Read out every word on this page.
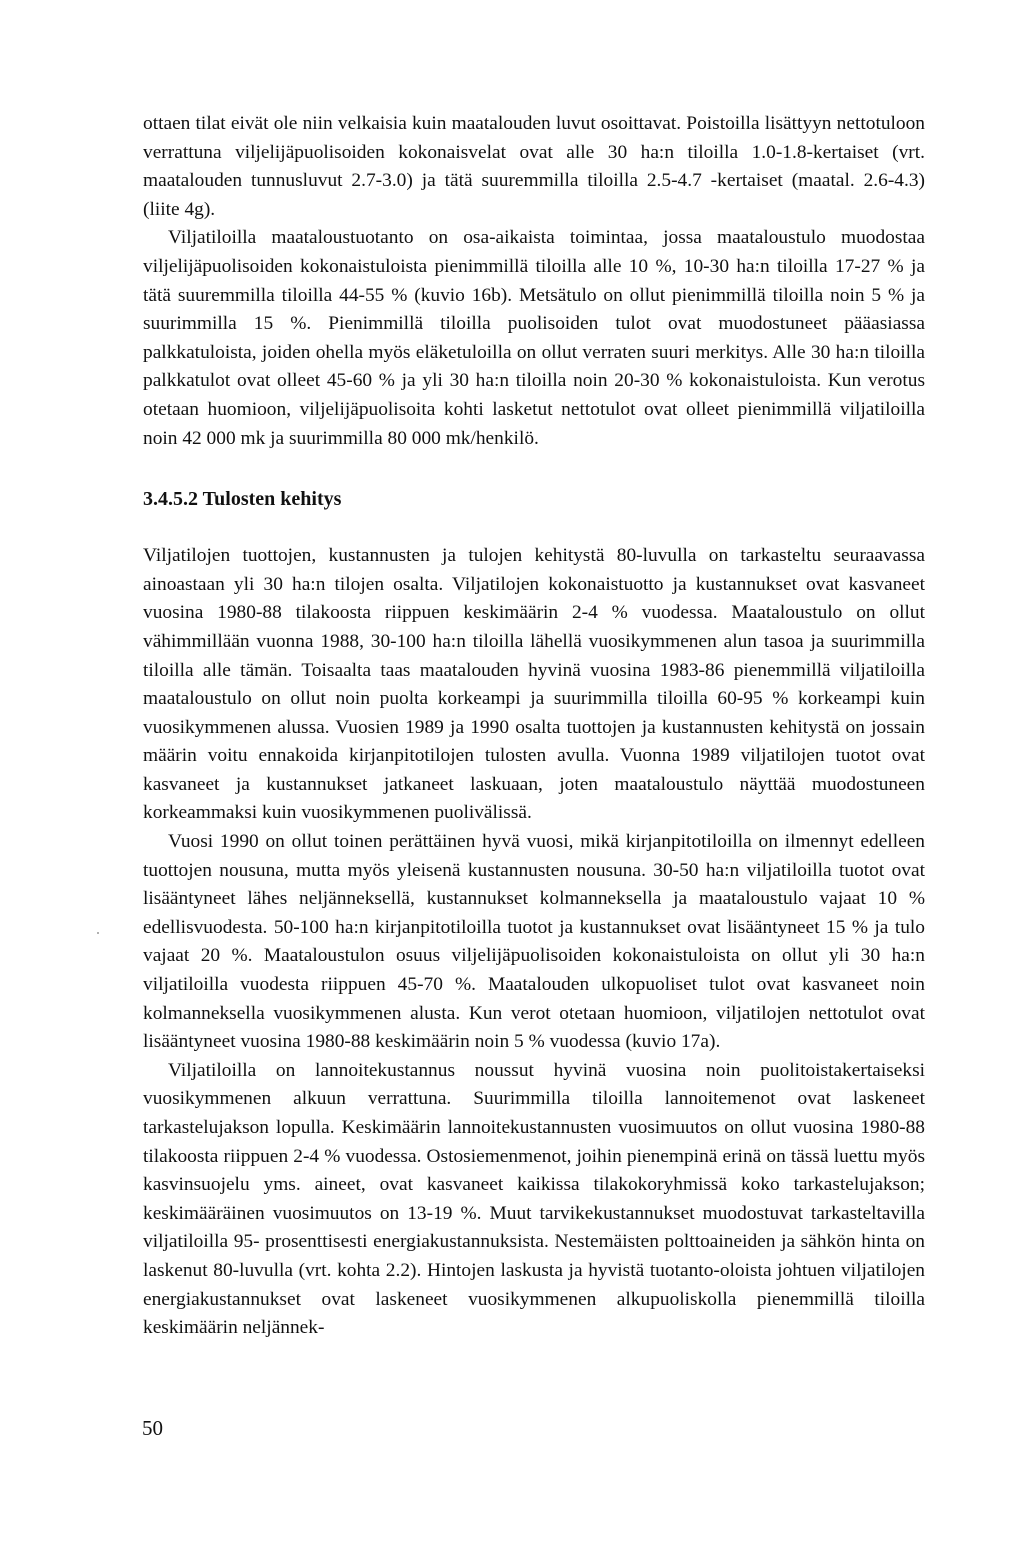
ottaen tilat eivät ole niin velkaisia kuin maatalouden luvut osoittavat. Poistoilla lisättyyn nettotuloon verrattuna viljelijäpuolisoiden kokonaisvelat ovat alle 30 ha:n tiloilla 1.0-1.8-kertaiset (vrt. maatalouden tunnusluvut 2.7-3.0) ja tätä suuremmilla tiloilla 2.5-4.7 -kertaiset (maatal. 2.6-4.3) (liite 4g).

Viljatiloilla maataloustuotanto on osa-aikaista toimintaa, jossa maataloustulo muodostaa viljelijäpuolisoiden kokonaistuloista pienimmillä tiloilla alle 10 %, 10-30 ha:n tiloilla 17-27 % ja tätä suuremmilla tiloilla 44-55 % (kuvio 16b). Metsätulo on ollut pienimmillä tiloilla noin 5 % ja suurimmilla 15 %. Pienimmillä tiloilla puolisoiden tulot ovat muodostuneet pääasiassa palkkatuloista, joiden ohella myös eläketuloilla on ollut verraten suuri merkitys. Alle 30 ha:n tiloilla palkkatulot ovat olleet 45-60 % ja yli 30 ha:n tiloilla noin 20-30 % kokonaistuloista. Kun verotus otetaan huomioon, viljelijäpuolisoita kohti lasketut nettotulot ovat olleet pienimmillä viljatiloilla noin 42 000 mk ja suurimmilla 80 000 mk/henkilö.

3.4.5.2 Tulosten kehitys

Viljatilojen tuottojen, kustannusten ja tulojen kehitystä 80-luvulla on tarkasteltu seuraavassa ainoastaan yli 30 ha:n tilojen osalta. Viljatilojen kokonaistuotto ja kustannukset ovat kasvaneet vuosina 1980-88 tilakoosta riippuen keskimäärin 2-4 % vuodessa. Maataloustulo on ollut vähimmillään vuonna 1988, 30-100 ha:n tiloilla lähellä vuosikymmenen alun tasoa ja suurimmilla tiloilla alle tämän. Toisaalta taas maatalouden hyvinä vuosina 1983-86 pienemmillä viljatiloilla maataloustulo on ollut noin puolta korkeampi ja suurimmilla tiloilla 60-95 % korkeampi kuin vuosikymmenen alussa. Vuosien 1989 ja 1990 osalta tuottojen ja kustannusten kehitystä on jossain määrin voitu ennakoida kirjanpitotilojen tulosten avulla. Vuonna 1989 viljatilojen tuotot ovat kasvaneet ja kustannukset jatkaneet laskuaan, joten maataloustulo näyttää muodostuneen korkeammaksi kuin vuosikymmenen puolivälissä.

Vuosi 1990 on ollut toinen perättäinen hyvä vuosi, mikä kirjanpitotiloilla on ilmennyt edelleen tuottojen nousuna, mutta myös yleisenä kustannusten nousuna. 30-50 ha:n viljatiloilla tuotot ovat lisääntyneet lähes neljänneksellä, kustannukset kolmanneksella ja maataloustulo vajaat 10 % edellisvuodesta. 50-100 ha:n kirjanpitotiloilla tuotot ja kustannukset ovat lisääntyneet 15 % ja tulo vajaat 20 %. Maataloustulon osuus viljelijäpuolisoiden kokonaistuloista on ollut yli 30 ha:n viljatiloilla vuodesta riippuen 45-70 %. Maatalouden ulkopuoliset tulot ovat kasvaneet noin kolmanneksella vuosikymmenen alusta. Kun verot otetaan huomioon, viljatilojen nettotulot ovat lisääntyneet vuosina 1980-88 keskimäärin noin 5 % vuodessa (kuvio 17a).

Viljatiloilla on lannoitekustannus noussut hyvinä vuosina noin puolitoistakertaiseksi vuosikymmenen alkuun verrattuna. Suurimmilla tiloilla lannoitemenot ovat laskeneet tarkastelujakson lopulla. Keskimäärin lannoitekustannusten vuosimuutos on ollut vuosina 1980-88 tilakoosta riippuen 2-4 % vuodessa. Ostosiemenmenot, joihin pienempinä erinä on tässä luettu myös kasvinsuojelu yms. aineet, ovat kasvaneet kaikissa tilakokoryhmissä koko tarkastelujakson; keskimääräinen vuosimuutos on 13-19 %. Muut tarvikekustannukset muodostuvat tarkasteltavilla viljatiloilla 95- prosenttisesti energiakustannuksista. Nestemäisten polttoaineiden ja sähkön hinta on laskenut 80-luvulla (vrt. kohta 2.2). Hintojen laskusta ja hyvistä tuotanto-oloista johtuen viljatilojen energiakustannukset ovat laskeneet vuosikymmenen alkupuoliskolla pienemmillä tiloilla keskimäärin neljännek-

50
